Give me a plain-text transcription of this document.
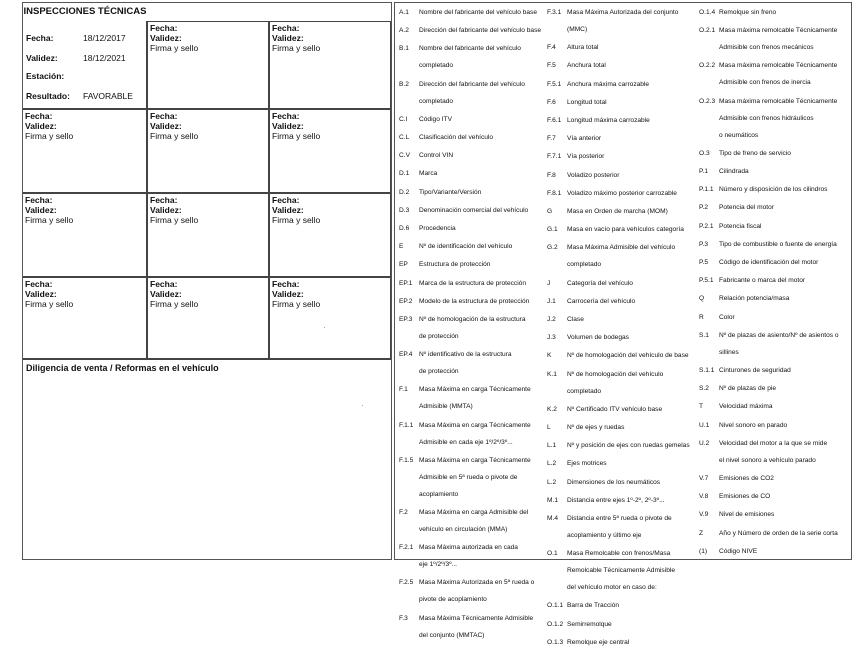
INSPECCIONES TÉCNICAS
Fecha:	18/12/2017
Validez:	18/12/2021
Estación:
Resultado: FAVORABLE
Fecha:
Validez:
Firma y sello
Fecha:
Validez:
Firma y sello
Fecha:
Validez:
Firma y sello
Fecha:
Validez:
Firma y sello
Fecha:
Validez:
Firma y sello
Fecha:
Validez:
Firma y sello
Fecha:
Validez:
Firma y sello
Fecha:
Validez:
Firma y sello
Fecha:
Validez:
Firma y sello
Fecha:
Validez:
Firma y sello
Fecha:
Validez:
Firma y sello
Diligencia de venta / Reformas en el vehículo
·
·
A.1 Nombre del fabricante del vehículo base
A.2 Dirección del fabricante del vehículo base
B.1 Nombre del fabricante del vehículo
completado
B.2 Dirección del fabricante del vehículo
completado
C.I Código ITV
C.L Clasificación del vehículo
C.V Control VIN
D.1 Marca
D.2 Tipo/Variante/Versión
D.3 Denominación comercial del vehículo
D.6 Procedencia
E Nº de identificación del vehículo
EP Estructura de protección
EP.1 Marca de la estructura de protección
EP.2 Modelo de la estructura de protección
EP.3 Nº de homologación de la estructura
de protección
EP.4 Nº identificativo de la estructura
de protección
F.1 Masa Máxima en carga Técnicamente
Admisible (MMTA)
F.1.1 Masa Máxima en carga Técnicamente
Admisible en cada eje 1º/2º/3º...
F.1.5 Masa Máxima en carga Técnicamente
Admisible en 5ª rueda o pivote de
acoplamiento
F.2 Masa Máxima en carga Admisible del
vehículo en circulación (MMA)
F.2.1 Masa Máxima autorizada en cada
eje 1º/2º/3º...
F.2.5 Masa Máxima Autorizada en 5ª rueda o
pivote de acoplamiento
F.3 Masa Máxima Técnicamente Admisible
del conjunto (MMTAC)
F.3.1 Masa Máxima Autorizada del conjunto
(MMC)
F.4 Altura total
F.5 Anchura total
F.5.1 Anchura máxima carrozable
F.6 Longitud total
F.6.1 Longitud máxima carrozable
F.7 Vía anterior
F.7.1 Vía posterior
F.8 Voladizo posterior
F.8.1 Voladizo máximo posterior carrozable
G Masa en Orden de marcha (MOM)
G.1 Masa en vacío para vehículos categoría
G.2 Masa Máxima Admisible del vehículo
completado
J	Categoría del vehículo
J.1 Carrocería del vehículo
J.2 Clase
J.3 Volumen de bodegas
K Nº de homologación del vehículo de base
K.1 Nº de homologación del vehículo
completado
K.2 Nº Certificado ITV vehículo base
L Nº de ejes y ruedas
L.1 Nº y posición de ejes con ruedas gemelas
L.2 Ejes motrices
L.2 Dimensiones de los neumáticos
M.1 Distancia entre ejes 1º-2º, 2º-3º...
M.4 Distancia entre 5ª rueda o pivote de
acoplamiento y último eje
O.1 Masa Remolcable con frenos/Masa
Remolcable Técnicamente Admisible
del vehículo motor en caso de:
O.1.1 Barra de Tracción
O.1.2 Semirremolque
O.1.3 Remolque eje central
O.1.4 Remolque sin freno
O.2.1 Masa máxima remolcable Técnicamente
Admisible con frenos mecánicos
O.2.2 Masa máxima remolcable Técnicamente
Admisible con frenos de inercia
O.2.3 Masa máxima remolcable Técnicamente
Admisible con frenos hidráulicos
o neumáticos
O.3 Tipo de freno de servicio
P.1 Cilindrada
P.1.1 Número y disposición de los cilindros
P.2 Potencia del motor
P.2.1 Potencia fiscal
P.3 Tipo de combustible o fuente de energía
P.5 Código de identificación del motor
P.5.1 Fabricante o marca del motor
Q Relación potencia/masa
R Color
S.1 Nº de plazas de asiento/Nº de asientos o
sillines
S.1.1 Cinturones de seguridad
S.2 Nº de plazas de pie
T Velocidad máxima
U.1 Nivel sonoro en parado
U.2 Velocidad del motor a la que se mide
el nivel sonoro a vehículo parado
V.7 Emisiones de CO2
V.8 Emisiones de CO
V.9 Nivel de emisiones
Z Año y Número de orden de la serie corta
(1) Código NIVE
